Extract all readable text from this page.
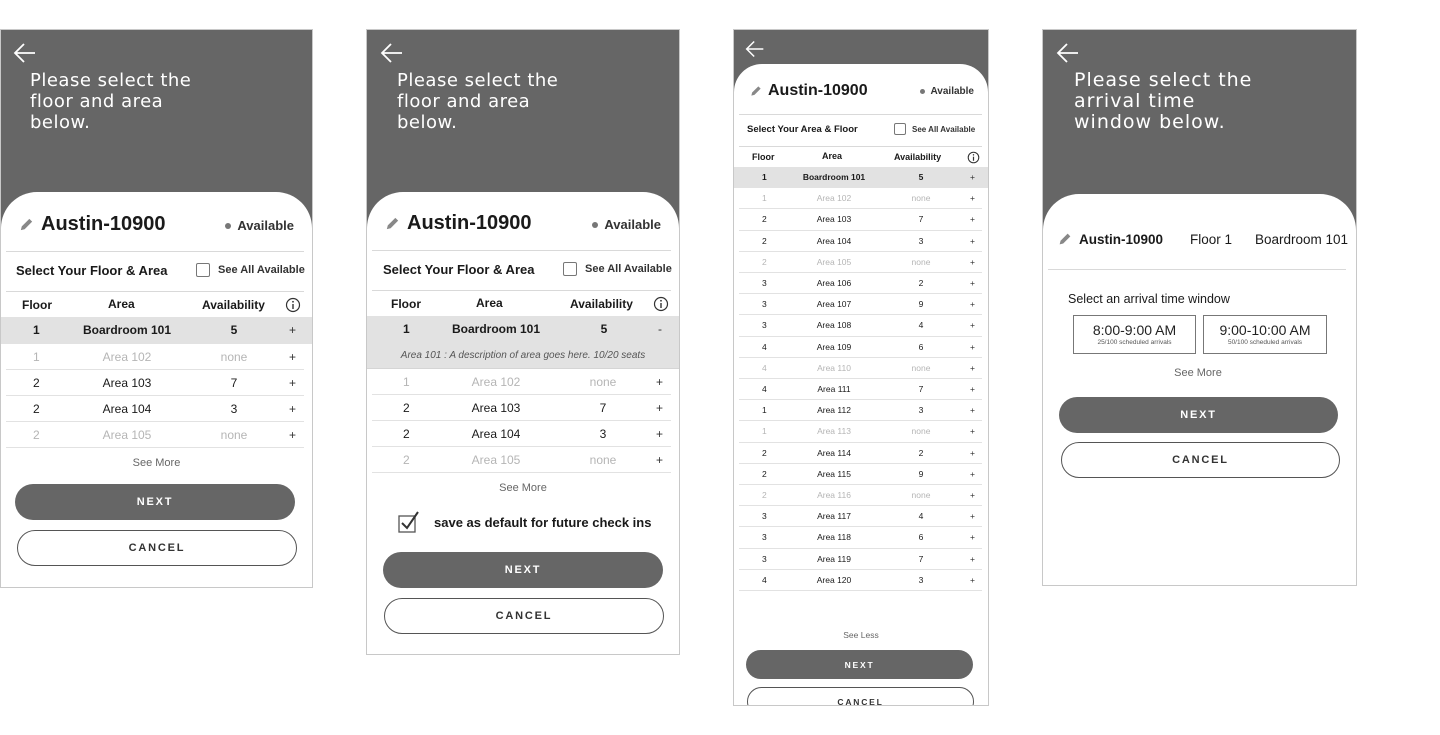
Please select the
floor and area
below.
Austin-10900	Available
Select Your Floor & Area	See All Available
Floor	Area	Availability
1	Boardroom 101	5	+
1	Area 102	none	+
2	Area 103	7	+
2	Area 104	3	+
2	Area 105	none	+
See More
NEXT
CANCEL
Please select the
floor and area
below.
Austin-10900	Available
Select Your Floor & Area	See All Available
Floor	Area	Availability
1	Boardroom 101	5	-
Area 101 : A description of area goes here. 10/20 seats
1	Area 102	none	+
2	Area 103	7	+
2	Area 104	3	+
2	Area 105	none	+
See More
save as default for future check ins
NEXT
CANCEL
Austin-10900	Available
Select Your Area & Floor	See All Available
Floor	Area	Availability
1	Boardroom 101	5	+
1	Area 102	none	+
2	Area 103	7	+
2	Area 104	3	+
2	Area 105	none	+
3	Area 106	2	+
3	Area 107	9	+
3	Area 108	4	+
4	Area 109	6	+
4	Area 110	none	+
4	Area 111	7	+
1	Area 112	3	+
1	Area 113	none	+
2	Area 114	2	+
2	Area 115	9	+
2	Area 116	none	+
3	Area 117	4	+
3	Area 118	6	+
3	Area 119	7	+
4	Area 120	3	+
See Less
NEXT
CANCEL
Please select the
arrival time
window below.
Austin-10900 Floor 1 Boardroom 101
Select an arrival time window
8:00-9:00 AM
25/100 scheduled arrivals
9:00-10:00 AM
50/100 scheduled arrivals
See More
NEXT
CANCEL
